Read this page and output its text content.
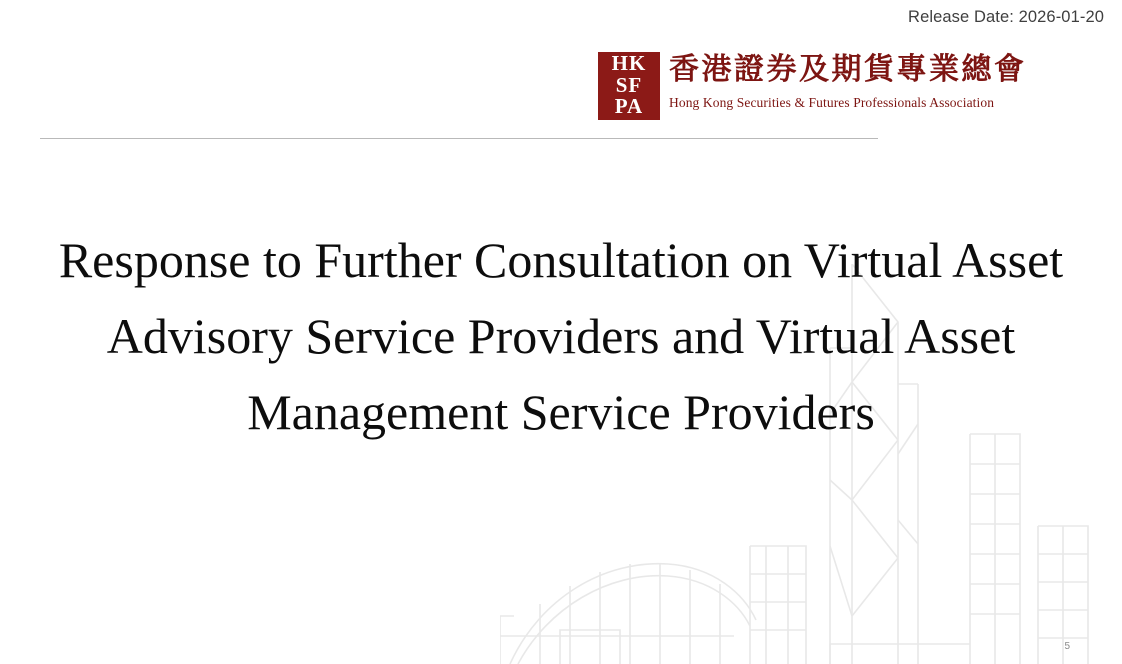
Release Date: 2026-01-20
HK
SF
PA
香港證券及期貨專業總會
Hong Kong Securities & Futures Professionals Association
Response to Further Consultation on Virtual Asset Advisory Service Providers and Virtual Asset Management Service Providers
5
